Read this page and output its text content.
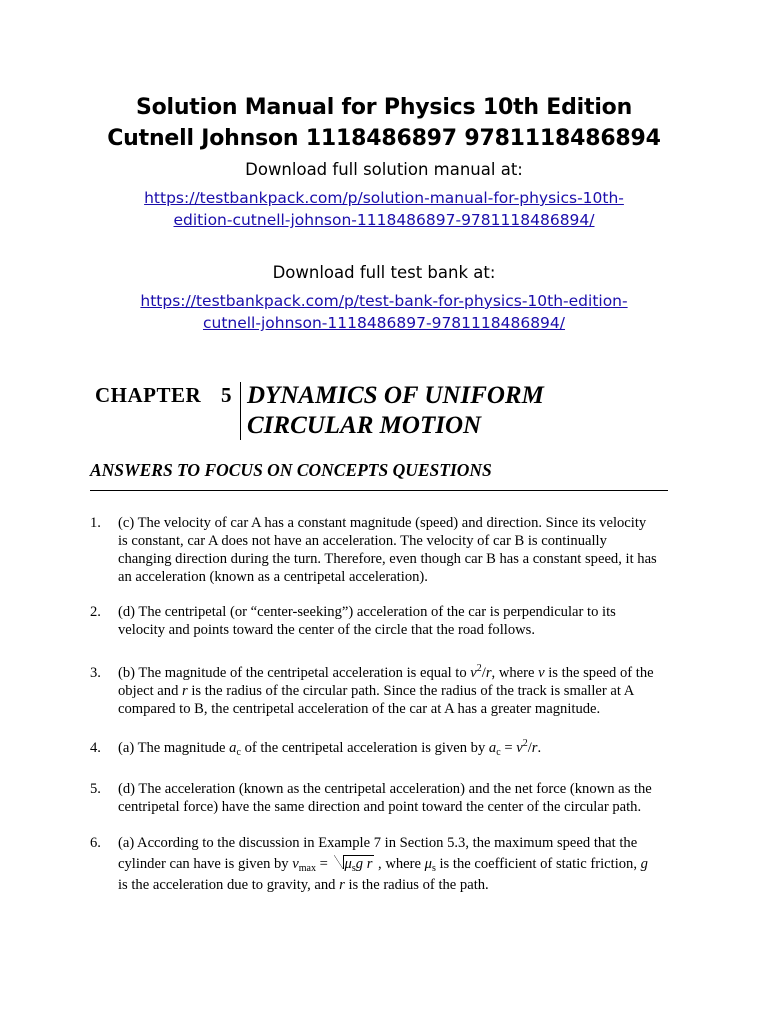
Solution Manual for Physics 10th Edition
Cutnell Johnson 1118486897 9781118486894
Download full solution manual at:
https://testbankpack.com/p/solution-manual-for-physics-10th-
edition-cutnell-johnson-1118486897-9781118486894/
Download full test bank at:
https://testbankpack.com/p/test-bank-for-physics-10th-edition-
cutnell-johnson-1118486897-9781118486894/
CHAPTER 5 DYNAMICS OF UNIFORM
CIRCULAR MOTION
ANSWERS TO FOCUS ON CONCEPTS QUESTIONS
1. (c) The velocity of car A has a constant magnitude (speed) and direction. Since its velocity
is constant, car A does not have an acceleration. The velocity of car B is continually
changing direction during the turn. Therefore, even though car B has a constant speed, it has
an acceleration (known as a centripetal acceleration).
2. (d) The centripetal (or “center-seeking”) acceleration of the car is perpendicular to its
velocity and points toward the center of the circle that the road follows.
3. (b) The magnitude of the centripetal acceleration is equal to $v^2/r$, where v is the speed of the
object and r is the radius of the circular path. Since the radius of the track is smaller at A
compared to B, the centripetal acceleration of the car at A has a greater magnitude.
4. (a) The magnitude $a_c$ of the centripetal acceleration is given by $a_c = v^2/r$.
5. (d) The acceleration (known as the centripetal acceleration) and the net force (known as the
centripetal force) have the same direction and point toward the center of the circular path.
6. (a) According to the discussion in Example 7 in Section 5.3, the maximum speed that the
cylinder can have is given by $v_{max} = \mu_sg$ r , where $\mu_s$ is the coefficient of static friction, g
is the acceleration due to gravity, and r is the radius of the path.
